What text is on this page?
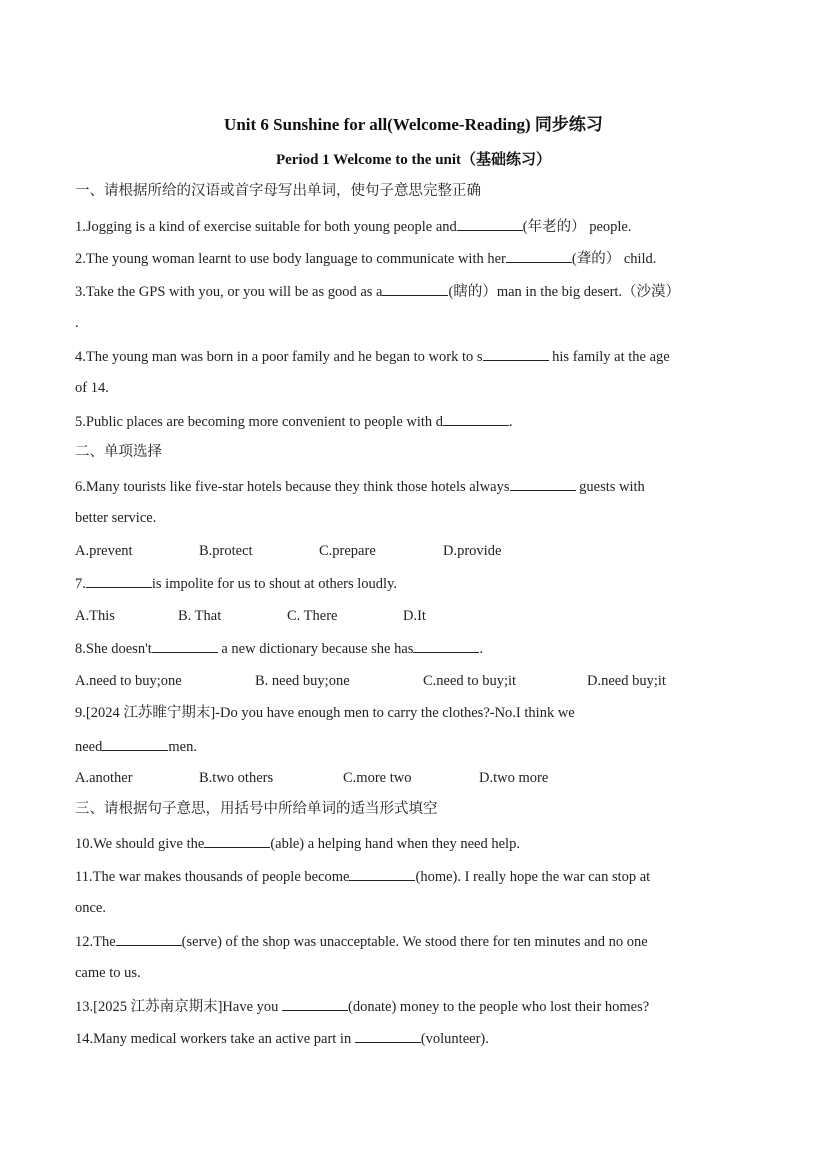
Unit 6 Sunshine for all(Welcome-Reading) 同步练习
Period 1 Welcome to the unit（基础练习）
一、请根据所给的汉语或首字母写出单词，使句子意思完整正确
1.Jogging is a kind of exercise suitable for both young people and	(年老的） people.
2.The young woman learnt to use body language to communicate with her	(聋的） child.
3.Take the GPS with you, or you will be as good as a	(瞎的）man in the big desert.（沙漠）
.
4.The young man was born in a poor family and he began to work to s	his family at the age
of 14.
5.Public places are becoming more convenient to people with d	.
二、单项选择
6.Many tourists like five-star hotels because they think those hotels always	guests with
better service.
A.prevent	B.protect	C.prepare	D.provide
7.	is impolite for us to shout at others loudly.
A.This	B. That	C. There	D.It
8.She doesn't	a new dictionary because she has	.
A.need to buy;one	B. need buy;one	C.need to buy;it	D.need buy;it
9.[2024 江苏睢宁期末]-Do you have enough men to carry the clothes?-No.I think we
need	men.
A.another	B.two others	C.more two	D.two more
三、请根据句子意思，用括号中所给单词的适当形式填空
10.We should give the	(able) a helping hand when they need help.
11.The war makes thousands of people become	(home). I really hope the war can stop at
once.
12.The	(serve) of the shop was unacceptable. We stood there for ten minutes and no one
came to us.
13.[2025 江苏南京期末]Have you	(donate) money to the people who lost their homes?
14.Many medical workers take an active part in	(volunteer).
